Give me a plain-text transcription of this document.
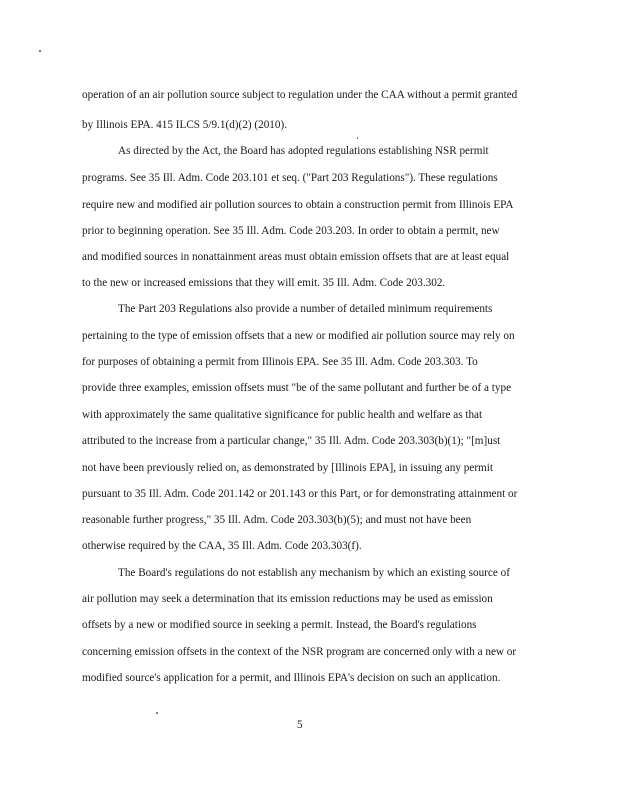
operation of an air pollution source subject to regulation under the CAA without a permit granted
by Illinois EPA. 415 ILCS 5/9.1(d)(2) (2010).
As directed by the Act, the Board has adopted regulations establishing NSR permit
programs. See 35 Ill. Adm. Code 203.101 et seq. ("Part 203 Regulations"). These regulations
require new and modified air pollution sources to obtain a construction permit from Illinois EPA
prior to beginning operation. See 35 Ill. Adm. Code 203.203. In order to obtain a permit, new
and modified sources in nonattainment areas must obtain emission offsets that are at least equal
to the new or increased emissions that they will emit. 35 Ill. Adm. Code 203.302.
The Part 203 Regulations also provide a number of detailed minimum requirements
pertaining to the type of emission offsets that a new or modified air pollution source may rely on
for purposes of obtaining a permit from Illinois EPA. See 35 Ill. Adm. Code 203.303. To
provide three examples, emission offsets must "be of the same pollutant and further be of a type
with approximately the same qualitative significance for public health and welfare as that
attributed to the increase from a particular change," 35 Ill. Adm. Code 203.303(b)(1); "[m]ust
not have been previously relied on, as demonstrated by [Illinois EPA], in issuing any permit
pursuant to 35 Ill. Adm. Code 201.142 or 201.143 or this Part, or for demonstrating attainment or
reasonable further progress," 35 Ill. Adm. Code 203.303(b)(5); and must not have been
otherwise required by the CAA, 35 Ill. Adm. Code 203.303(f).
The Board's regulations do not establish any mechanism by which an existing source of
air pollution may seek a determination that its emission reductions may be used as emission
offsets by a new or modified source in seeking a permit. Instead, the Board's regulations
concerning emission offsets in the context of the NSR program are concerned only with a new or
modified source's application for a permit, and Illinois EPA's decision on such an application.
5
